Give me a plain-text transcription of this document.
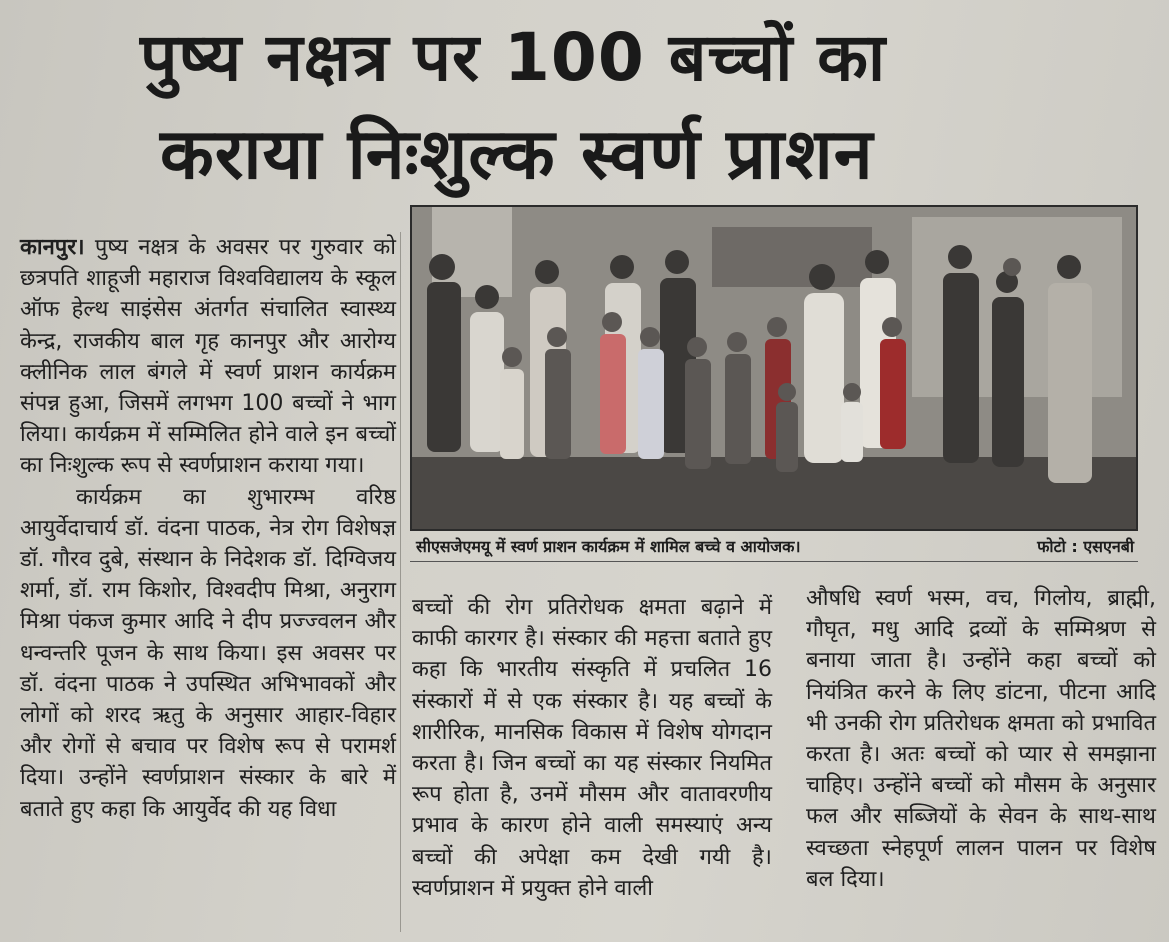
पुष्य नक्षत्र पर 100 बच्चों का
कराया निःशुल्क स्वर्ण प्राशन

कानपुर। पुष्य नक्षत्र के अवसर पर गुरुवार को छत्रपति शाहूजी महाराज विश्वविद्यालय के स्कूल ऑफ हेल्थ साइंसेस अंतर्गत संचालित स्वास्थ्य केन्द्र, राजकीय बाल गृह कानपुर और आरोग्य क्लीनिक लाल बंगले में स्वर्ण प्राशन कार्यक्रम संपन्न हुआ, जिसमें लगभग 100 बच्चों ने भाग लिया। कार्यक्रम में सम्मिलित होने वाले इन बच्चों का निःशुल्क रूप से स्वर्णप्राशन कराया गया।

कार्यक्रम का शुभारम्भ वरिष्ठ आयुर्वेदाचार्य डॉ. वंदना पाठक, नेत्र रोग विशेषज्ञ डॉ. गौरव दुबे, संस्थान के निदेशक डॉ. दिग्विजय शर्मा, डॉ. राम किशोर, विश्वदीप मिश्रा, अनुराग मिश्रा पंकज कुमार आदि ने दीप प्रज्ज्वलन और धन्वन्तरि पूजन के साथ किया। इस अवसर पर डॉ. वंदना पाठक ने उपस्थित अभिभावकों और लोगों को शरद ऋतु के अनुसार आहार-विहार और रोगों से बचाव पर विशेष रूप से परामर्श दिया। उन्होंने स्वर्णप्राशन संस्कार के बारे में बताते हुए कहा कि आयुर्वेद की यह विधा

सीएसजेएमयू में स्वर्ण प्राशन कार्यक्रम में शामिल बच्चे व आयोजक।	फोटो : एसएनबी

बच्चों की रोग प्रतिरोधक क्षमता बढ़ाने में काफी कारगर है। संस्कार की महत्ता बताते हुए कहा कि भारतीय संस्कृति में प्रचलित 16 संस्कारों में से एक संस्कार है। यह बच्चों के शारीरिक, मानसिक विकास में विशेष योगदान करता है। जिन बच्चों का यह संस्कार नियमित रूप होता है, उनमें मौसम और वातावरणीय प्रभाव के कारण होने वाली समस्याएं अन्य बच्चों की अपेक्षा कम देखी गयी है। स्वर्णप्राशन में प्रयुक्त होने वाली

औषधि स्वर्ण भस्म, वच, गिलोय, ब्राह्मी, गौघृत, मधु आदि द्रव्यों के सम्मिश्रण से बनाया जाता है। उन्होंने कहा बच्चों को नियंत्रित करने के लिए डांटना, पीटना आदि भी उनकी रोग प्रतिरोधक क्षमता को प्रभावित करता है। अतः बच्चों को प्यार से समझाना चाहिए। उन्होंने बच्चों को मौसम के अनुसार फल और सब्जियों के सेवन के साथ-साथ स्वच्छता स्नेहपूर्ण लालन पालन पर विशेष बल दिया।
